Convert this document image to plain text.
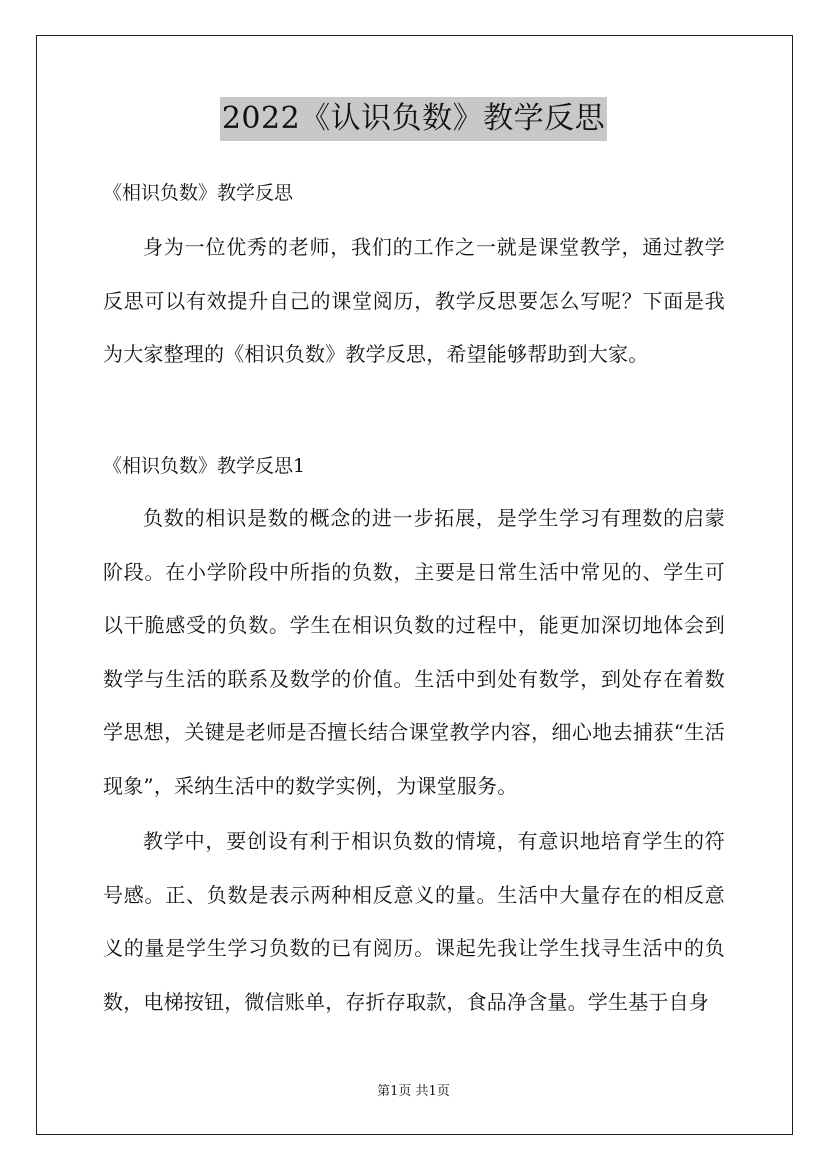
2022《认识负数》教学反思
《相识负数》教学反思

身为一位优秀的老师，我们的工作之一就是课堂教学，通过教学反思可以有效提升自己的课堂阅历，教学反思要怎么写呢？下面是我为大家整理的《相识负数》教学反思，希望能够帮助到大家。

《相识负数》教学反思1

负数的相识是数的概念的进一步拓展，是学生学习有理数的启蒙阶段。在小学阶段中所指的负数，主要是日常生活中常见的、学生可以干脆感受的负数。学生在相识负数的过程中，能更加深切地体会到数学与生活的联系及数学的价值。生活中到处有数学，到处存在着数学思想，关键是老师是否擅长结合课堂教学内容，细心地去捕获“生活现象”，采纳生活中的数学实例，为课堂服务。

教学中，要创设有利于相识负数的情境，有意识地培育学生的符号感。正、负数是表示两种相反意义的量。生活中大量存在的相反意义的量是学生学习负数的已有阅历。课起先我让学生找寻生活中的负数，电梯按钮，微信账单，存折存取款，食品净含量。学生基于自身

第1页 共1页
